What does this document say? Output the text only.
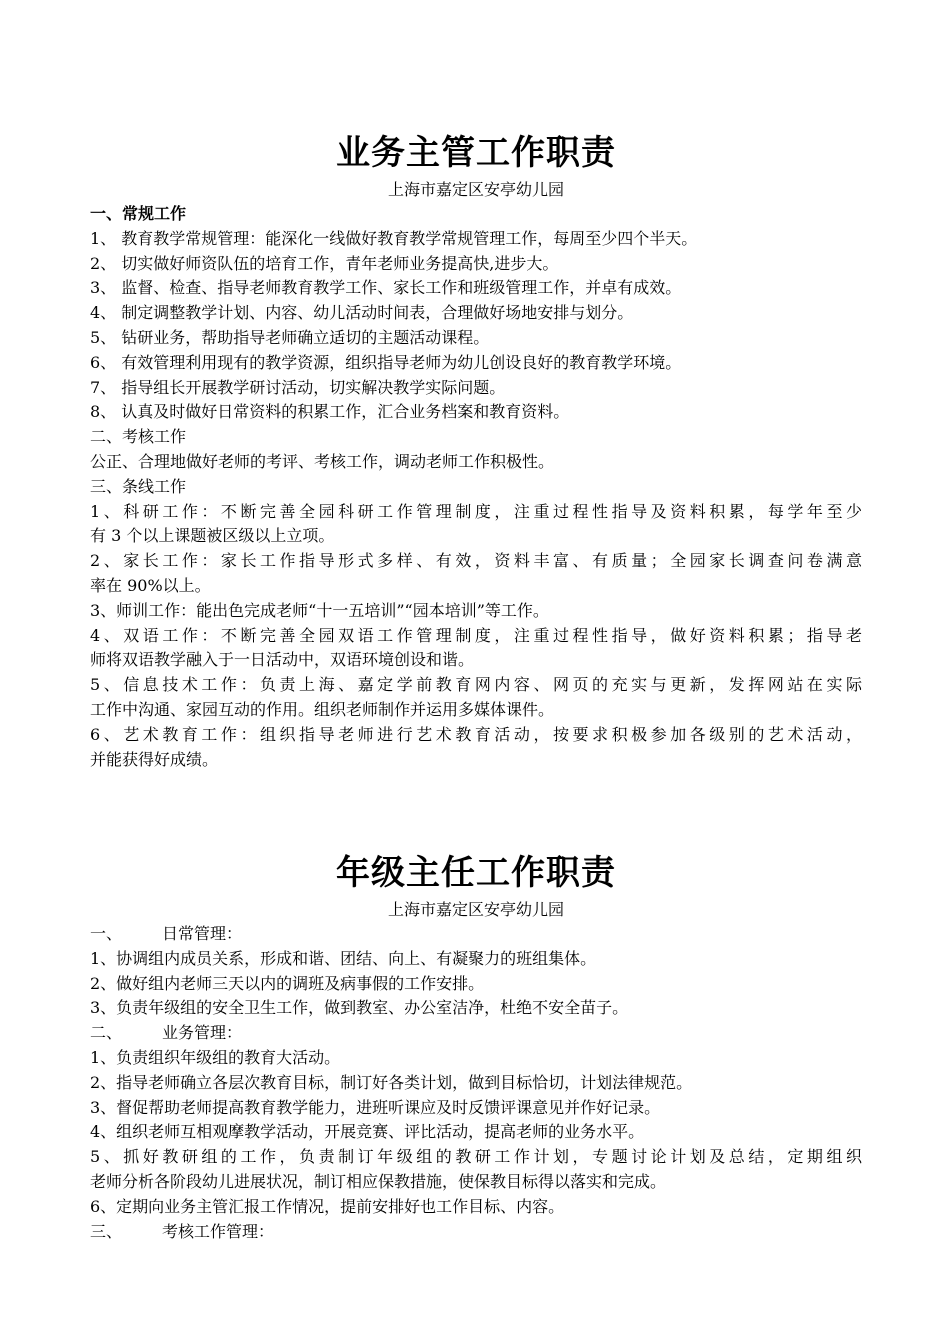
业务主管工作职责

上海市嘉定区安亭幼儿园

一、常规工作

1、 教育教学常规管理：能深化一线做好教育教学常规管理工作，每周至少四个半天。

2、 切实做好师资队伍的培育工作，青年老师业务提高快,进步大。

3、 监督、检查、指导老师教育教学工作、家长工作和班级管理工作，并卓有成效。

4、 制定调整教学计划、内容、幼儿活动时间表，合理做好场地安排与划分。

5、 钻研业务，帮助指导老师确立适切的主题活动课程。

6、 有效管理利用现有的教学资源，组织指导老师为幼儿创设良好的教育教学环境。

7、 指导组长开展教学研讨活动，切实解决教学实际问题。

8、 认真及时做好日常资料的积累工作，汇合业务档案和教育资料。

二、考核工作

公正、合理地做好老师的考评、考核工作，调动老师工作积极性。

三、条线工作

1、科研工作：不断完善全园科研工作管理制度，注重过程性指导及资料积累，每学年至少
有 3 个以上课题被区级以上立项。
2、家长工作：家长工作指导形式多样、有效，资料丰富、有质量；全园家长调查问卷满意
率在 90%以上。

3、师训工作：能出色完成老师“十一五培训”“园本培训”等工作。

4、双语工作：不断完善全园双语工作管理制度，注重过程性指导，做好资料积累；指导老
师将双语教学融入于一日活动中，双语环境创设和谐。
5、信息技术工作：负责上海、嘉定学前教育网内容、网页的充实与更新，发挥网站在实际
工作中沟通、家园互动的作用。组织老师制作并运用多媒体课件。
6、艺术教育工作：组织指导老师进行艺术教育活动，按要求积极参加各级别的艺术活动，
并能获得好成绩。
年级主任工作职责

上海市嘉定区安亭幼儿园

一、	日常管理：

1、协调组内成员关系，形成和谐、团结、向上、有凝聚力的班组集体。

2、做好组内老师三天以内的调班及病事假的工作安排。

3、负责年级组的安全卫生工作，做到教室、办公室洁净，杜绝不安全苗子。

二、	业务管理：

1、负责组织年级组的教育大活动。

2、指导老师确立各层次教育目标，制订好各类计划，做到目标恰切，计划法律规范。

3、督促帮助老师提高教育教学能力，进班听课应及时反馈评课意见并作好记录。

4、组织老师互相观摩教学活动，开展竞赛、评比活动，提高老师的业务水平。

5、抓好教研组的工作，负责制订年级组的教研工作计划，专题讨论计划及总结，定期组织
老师分析各阶段幼儿进展状况，制订相应保教措施，使保教目标得以落实和完成。

6、定期向业务主管汇报工作情况，提前安排好也工作目标、内容。

三、	考核工作管理：
